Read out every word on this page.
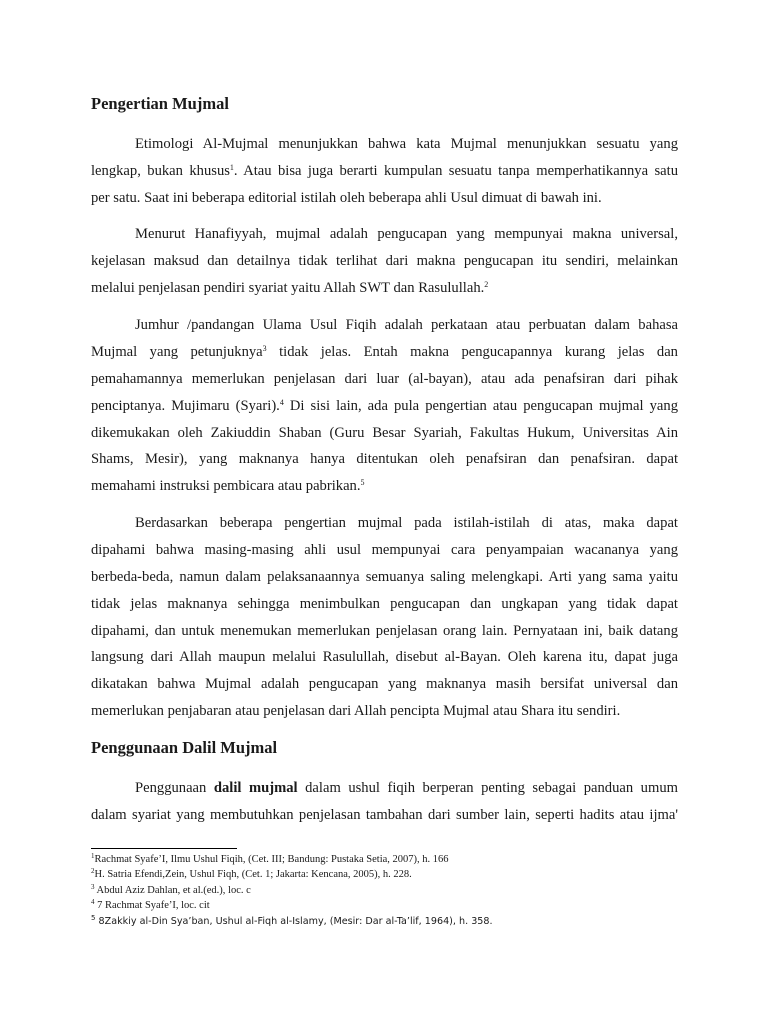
Pengertian Mujmal
Etimologi Al-Mujmal menunjukkan bahwa kata Mujmal menunjukkan sesuatu yang
lengkap, bukan khusus$^1$. Atau bisa juga berarti kumpulan sesuatu tanpa memperhatikannya satu
per satu. Saat ini beberapa editorial istilah oleh beberapa ahli Usul dimuat di bawah ini.
Menurut Hanafiyyah, mujmal adalah pengucapan yang mempunyai makna universal,
kejelasan maksud dan detailnya tidak terlihat dari makna pengucapan itu sendiri, melainkan
melalui penjelasan pendiri syariat yaitu Allah SWT dan Rasulullah.$^2$
Jumhur /pandangan Ulama Usul Fiqih adalah perkataan atau perbuatan dalam bahasa
Mujmal yang petunjuknya$^3$ tidak jelas. Entah makna pengucapannya kurang jelas dan
pemahamannya memerlukan penjelasan dari luar (al-bayan), atau ada penafsiran dari pihak
penciptanya. Mujimaru (Syari).$^4$ Di sisi lain, ada pula pengertian atau pengucapan mujmal yang
dikemukakan oleh Zakiuddin Shaban (Guru Besar Syariah, Fakultas Hukum, Universitas Ain
Shams, Mesir), yang maknanya hanya ditentukan oleh penafsiran dan penafsiran. dapat
memahami instruksi pembicara atau pabrikan.$^5$
Berdasarkan beberapa pengertian mujmal pada istilah-istilah di atas, maka dapat
dipahami bahwa masing-masing ahli usul mempunyai cara penyampaian wacananya yang
berbeda-beda, namun dalam pelaksanaannya semuanya saling melengkapi. Arti yang sama yaitu
tidak jelas maknanya sehingga menimbulkan pengucapan dan ungkapan yang tidak dapat
dipahami, dan untuk menemukan memerlukan penjelasan orang lain. Pernyataan ini, baik datang
langsung dari Allah maupun melalui Rasulullah, disebut al-Bayan. Oleh karena itu, dapat juga
dikatakan bahwa Mujmal adalah pengucapan yang maknanya masih bersifat universal dan
memerlukan penjabaran atau penjelasan dari Allah pencipta Mujmal atau Shara itu sendiri.
Penggunaan Dalil Mujmal
Penggunaan dalil mujmal dalam ushul fiqih berperan penting sebagai panduan umum
dalam syariat yang membutuhkan penjelasan tambahan dari sumber lain, seperti hadits atau ijma'
$^1$Rachmat Syafe’I, Ilmu Ushul Fiqih, (Cet. III; Bandung: Pustaka Setia, 2007), h. 166
$^2$H. Satria Efendi,Zein, Ushul Fiqh, (Cet. 1; Jakarta: Kencana, 2005), h. 228.
$^3$ Abdul Aziz Dahlan, et al.(ed.), loc. c
$^4$ 7 Rachmat Syafe’I, loc. cit
$^5$ 8Zakkiy al-Din Sya’ban, Ushul al-Fiqh al-Islamy, (Mesir: Dar al-Ta’lif, 1964), h. 358.
